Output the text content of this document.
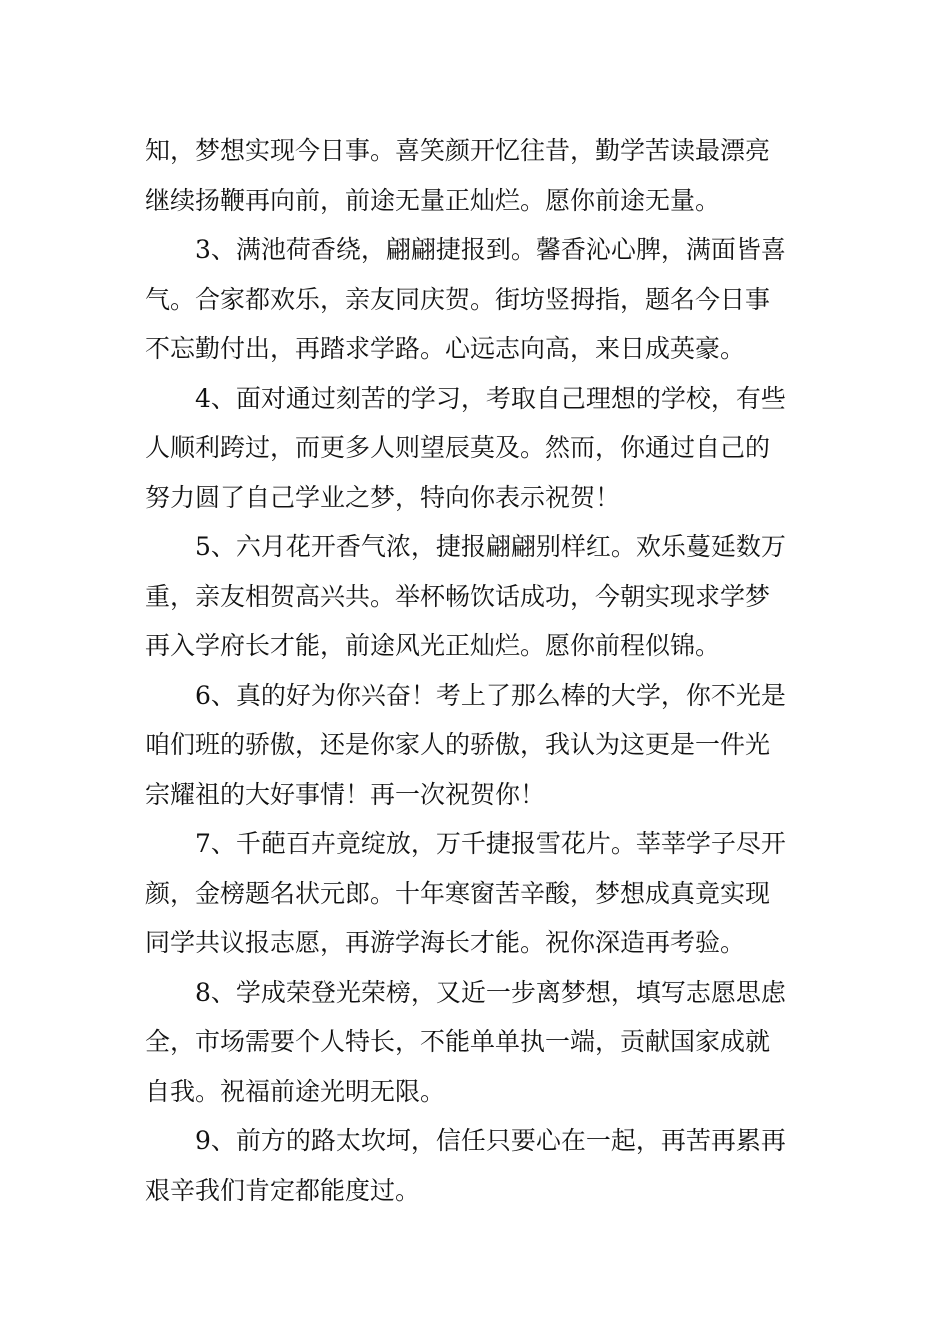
知，梦想实现今日事。喜笑颜开忆往昔，勤学苦读最漂亮
继续扬鞭再向前，前途无量正灿烂。愿你前途无量。
3、满池荷香绕，翩翩捷报到。馨香沁心脾，满面皆喜
气。合家都欢乐，亲友同庆贺。街坊竖拇指，题名今日事
不忘勤付出，再踏求学路。心远志向高，来日成英豪。
4、面对通过刻苦的学习，考取自己理想的学校，有些
人顺利跨过，而更多人则望辰莫及。然而，你通过自己的
努力圆了自己学业之梦，特向你表示祝贺！
5、六月花开香气浓，捷报翩翩别样红。欢乐蔓延数万
重，亲友相贺高兴共。举杯畅饮话成功，今朝实现求学梦
再入学府长才能，前途风光正灿烂。愿你前程似锦。
6、真的好为你兴奋！考上了那么棒的大学，你不光是
咱们班的骄傲，还是你家人的骄傲，我认为这更是一件光
宗耀祖的大好事情！再一次祝贺你！
7、千葩百卉竟绽放，万千捷报雪花片。莘莘学子尽开
颜，金榜题名状元郎。十年寒窗苦辛酸，梦想成真竟实现
同学共议报志愿，再游学海长才能。祝你深造再考验。
8、学成荣登光荣榜，又近一步离梦想，填写志愿思虑
全，市场需要个人特长，不能单单执一端，贡献国家成就
自我。祝福前途光明无限。
9、前方的路太坎坷，信任只要心在一起，再苦再累再
艰辛我们肯定都能度过。
